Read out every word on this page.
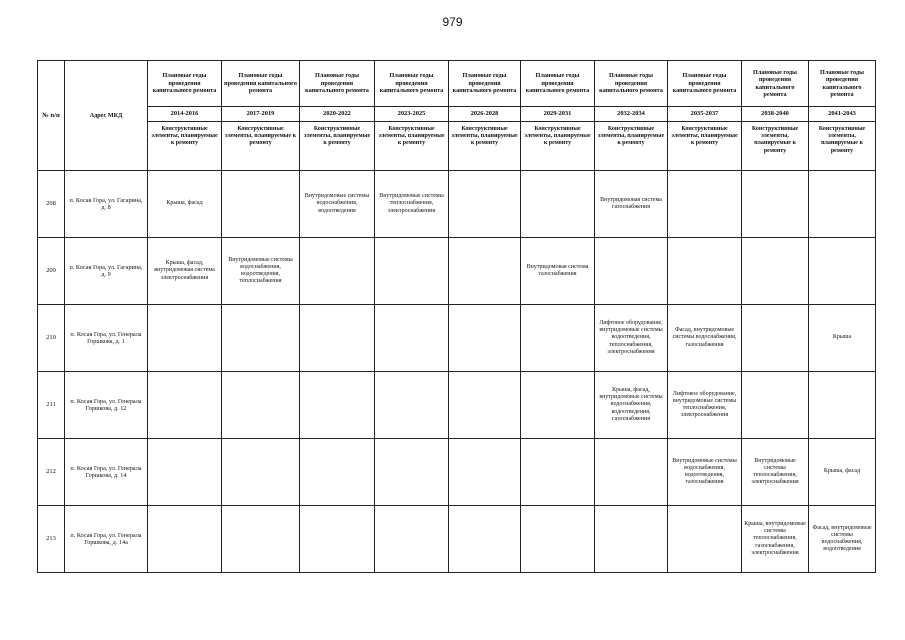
979
№ п/п	Адрес МКД	Плановые годы проведения капитального ремонта	Плановые годы проведения капитального ремонта	Плановые годы проведения капитального ремонта	Плановые годы проведения капитального ремонта	Плановые годы проведения капитального ремонта	Плановые годы проведения капитального ремонта	Плановые годы проведения капитального ремонта	Плановые годы проведения капитального ремонта	Плановые годы проведения капитального ремонта	Плановые годы проведения капитального ремонта
		2014-2016	2017-2019	2020-2022	2023-2025	2026-2028	2029-2031	2032-2034	2035-2037	2038-2040	2041-2043
		Конструктивные элементы, планируемые к ремонту	Конструктивные элементы, планируемые к ремонту	Конструктивные элементы, планируемые к ремонту	Конструктивные элементы, планируемые к ремонту	Конструктивные элементы, планируемые к ремонту	Конструктивные элементы, планируемые к ремонту	Конструктивные элементы, планируемые к ремонту	Конструктивные элементы, планируемые к ремонту	Конструктивные элементы, планируемые к ремонту	Конструктивные элементы, планируемые к ремонту
208	п. Косая Гора, ул. Гагарина, д. 8	Крыша, фасад		Внутридомовые системы водоснабжения, водоотведения	Внутридомовые системы теплоснабжения, электроснабжения			Внутридомовая система газоснабжения			
209	п. Косая Гора, ул. Гагарина, д. 9	Крыша, фасад, внутридомовая система электроснабжения	Внутридомовые системы водоснабжения, водоотведения, теплоснабжения				Внутридомовая система газоснабжения				
210	п. Косая Гора, ул. Генерала Горшкова, д. 1							Лифтовое оборудование, внутридомовые системы водоотведения, теплоснабжения, электроснабжения	Фасад, внутридомовые системы водоснабжения, газоснабжения		Крыша
211	п. Косая Гора, ул. Генерала Горшкова, д. 12							Крыша, фасад, внутридомовые системы водоснабжения, водоотведения, газоснабжения	Лифтовое оборудование, внутридомовые системы теплоснабжения, электроснабжения		
212	п. Косая Гора, ул. Генерала Горшкова, д. 14								Внутридомовые системы водоснабжения, водоотведения, газоснабжения	Внутридомовые системы теплоснабжения, электроснабжения	Крыша, фасад
213	п. Косая Гора, ул. Генерала Горшкова, д. 14а									Крыша, внутридомовые системы теплоснабжения, газоснабжения, электроснабжения	Фасад, внутридомовые системы водоснабжения, водоотведения
